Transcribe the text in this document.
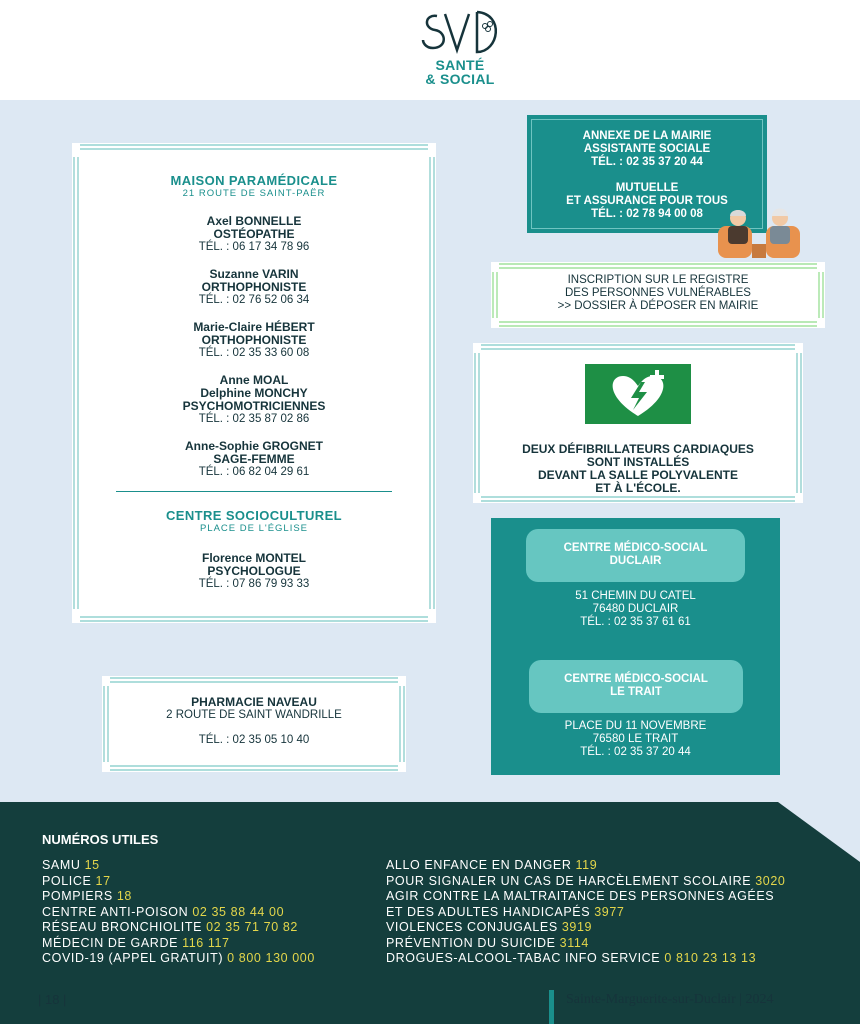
SANTÉ
& SOCIAL
MAISON PARAMÉDICALE
21 ROUTE DE SAINT-PAËR
Axel BONNELLE
OSTÉOPATHE
TÉL. : 06 17 34 78 96
Suzanne VARIN
ORTHOPHONISTE
TÉL. : 02 76 52 06 34
Marie-Claire HÉBERT
ORTHOPHONISTE
TÉL. : 02 35 33 60 08
Anne MOAL
Delphine MONCHY
PSYCHOMOTRICIENNES
TÉL. : 02 35 87 02 86
Anne-Sophie GROGNET
SAGE-FEMME
TÉL. : 06 82 04 29 61
CENTRE SOCIOCULTUREL
PLACE DE L'ÉGLISE
Florence MONTEL
PSYCHOLOGUE
TÉL. : 07 86 79 93 33
PHARMACIE NAVEAU
2 ROUTE DE SAINT WANDRILLE
TÉL. : 02 35 05 10 40
ANNEXE DE LA MAIRIE
ASSISTANTE SOCIALE
TÉL. : 02 35 37 20 44
MUTUELLE
ET ASSURANCE POUR TOUS
TÉL. : 02 78 94 00 08
INSCRIPTION SUR LE REGISTRE
DES PERSONNES VULNÉRABLES
>> DOSSIER À DÉPOSER EN MAIRIE
DEUX DÉFIBRILLATEURS CARDIAQUES
SONT INSTALLÉS
DEVANT LA SALLE POLYVALENTE
ET À L'ÉCOLE.
CENTRE MÉDICO-SOCIAL
DUCLAIR
51 CHEMIN DU CATEL
76480 DUCLAIR
TÉL. : 02 35 37 61 61
CENTRE MÉDICO-SOCIAL
LE TRAIT
PLACE DU 11 NOVEMBRE
76580 LE TRAIT
TÉL. : 02 35 37 20 44
NUMÉROS UTILES
SAMU 15
POLICE 17
POMPIERS 18
CENTRE ANTI-POISON 02 35 88 44 00
RÉSEAU BRONCHIOLITE 02 35 71 70 82
MÉDECIN DE GARDE 116 117
COVID-19 (APPEL GRATUIT) 0 800 130 000
ALLO ENFANCE EN DANGER 119
POUR SIGNALER UN CAS DE HARCÈLEMENT SCOLAIRE 3020
AGIR CONTRE LA MALTRAITANCE DES PERSONNES AGÉES
ET DES ADULTES HANDICAPÉS 3977
VIOLENCES CONJUGALES 3919
PRÉVENTION DU SUICIDE 3114
DROGUES-ALCOOL-TABAC INFO SERVICE 0 810 23 13 13
| 18 |	Sainte-Marguerite-sur-Duclair | 2024
